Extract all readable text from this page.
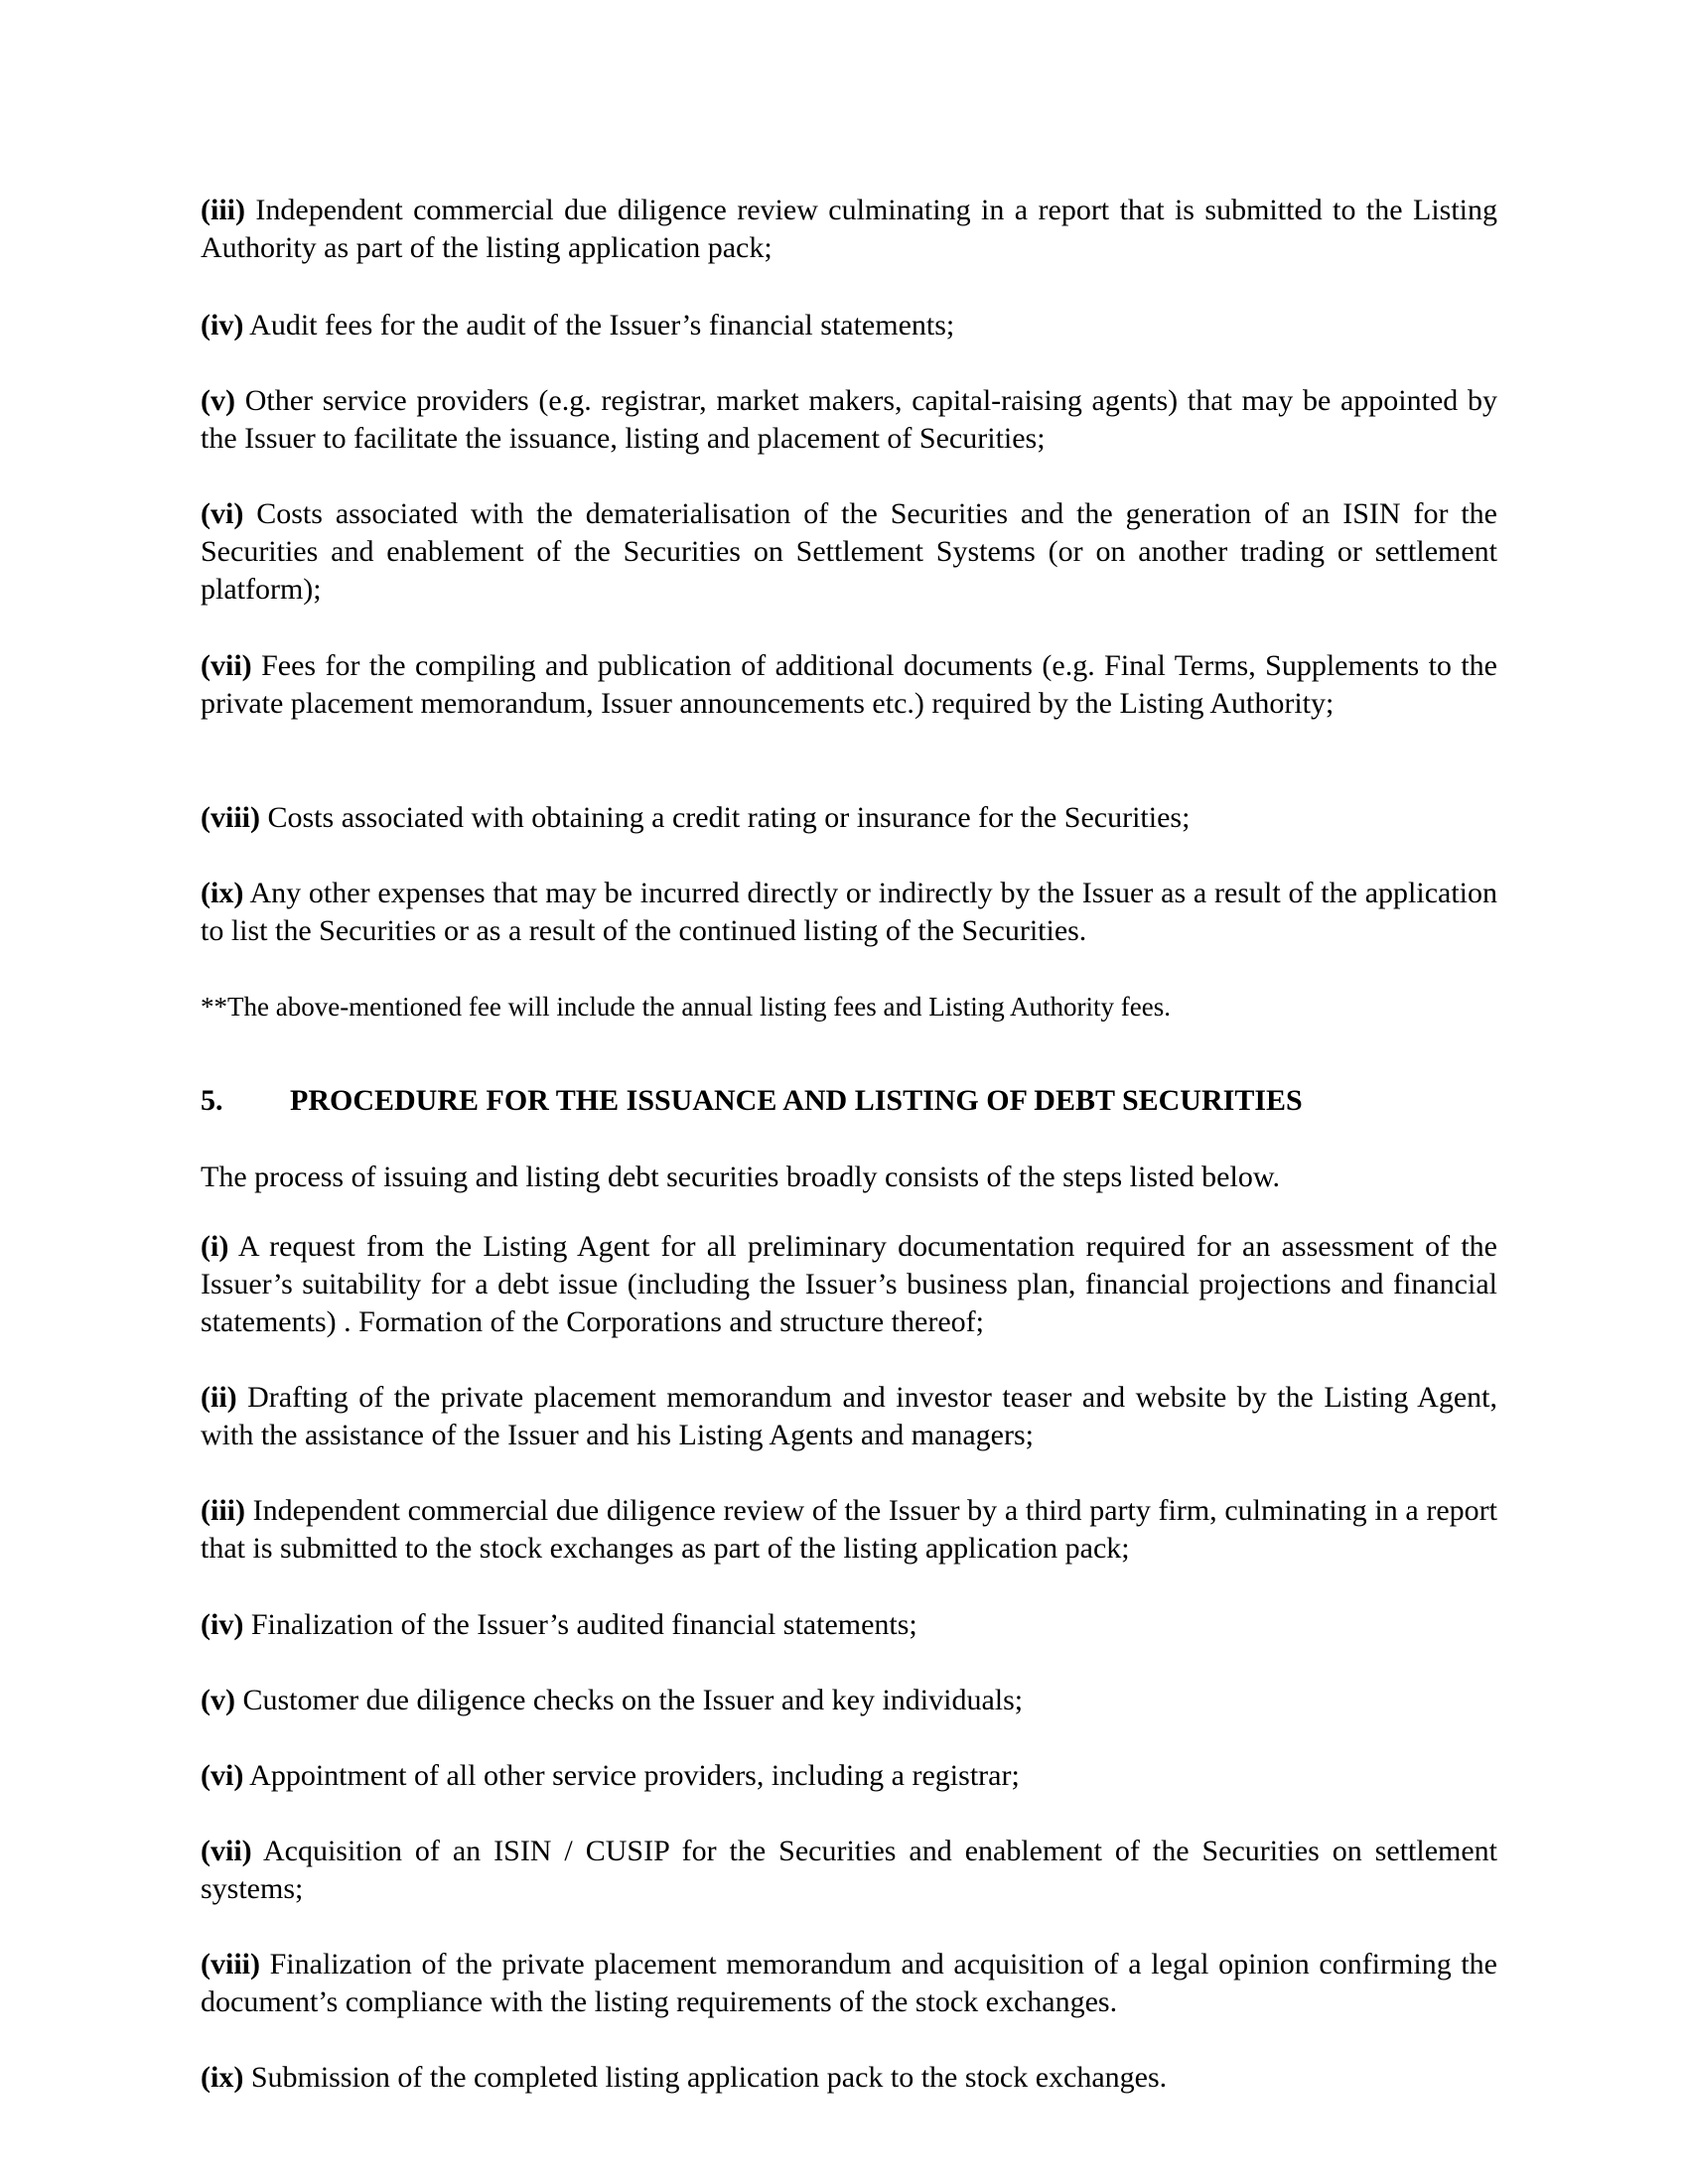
(iii) Independent commercial due diligence review culminating in a report that is submitted to the Listing Authority as part of the listing application pack;

(iv) Audit fees for the audit of the Issuer’s financial statements;

(v) Other service providers (e.g. registrar, market makers, capital-raising agents) that may be appointed by the Issuer to facilitate the issuance, listing and placement of Securities;

(vi) Costs associated with the dematerialisation of the Securities and the generation of an ISIN for the Securities and enablement of the Securities on Settlement Systems (or on another trading or settlement platform);

(vii) Fees for the compiling and publication of additional documents (e.g. Final Terms, Supplements to the private placement memorandum, Issuer announcements etc.) required by the Listing Authority;

(viii) Costs associated with obtaining a credit rating or insurance for the Securities;

(ix) Any other expenses that may be incurred directly or indirectly by the Issuer as a result of the application to list the Securities or as a result of the continued listing of the Securities.

**The above-mentioned fee will include the annual listing fees and Listing Authority fees.

5. PROCEDURE FOR THE ISSUANCE AND LISTING OF DEBT SECURITIES

The process of issuing and listing debt securities broadly consists of the steps listed below.

(i) A request from the Listing Agent for all preliminary documentation required for an assessment of the Issuer’s suitability for a debt issue (including the Issuer’s business plan, financial projections and financial statements) . Formation of the Corporations and structure thereof;

(ii) Drafting of the private placement memorandum and investor teaser and website by the Listing Agent, with the assistance of the Issuer and his Listing Agents and managers;

(iii) Independent commercial due diligence review of the Issuer by a third party firm, culminating in a report that is submitted to the stock exchanges as part of the listing application pack;

(iv) Finalization of the Issuer’s audited financial statements;

(v) Customer due diligence checks on the Issuer and key individuals;

(vi) Appointment of all other service providers, including a registrar;

(vii) Acquisition of an ISIN / CUSIP for the Securities and enablement of the Securities on settlement systems;

(viii) Finalization of the private placement memorandum and acquisition of a legal opinion confirming the document’s compliance with the listing requirements of the stock exchanges.

(ix) Submission of the completed listing application pack to the stock exchanges.
